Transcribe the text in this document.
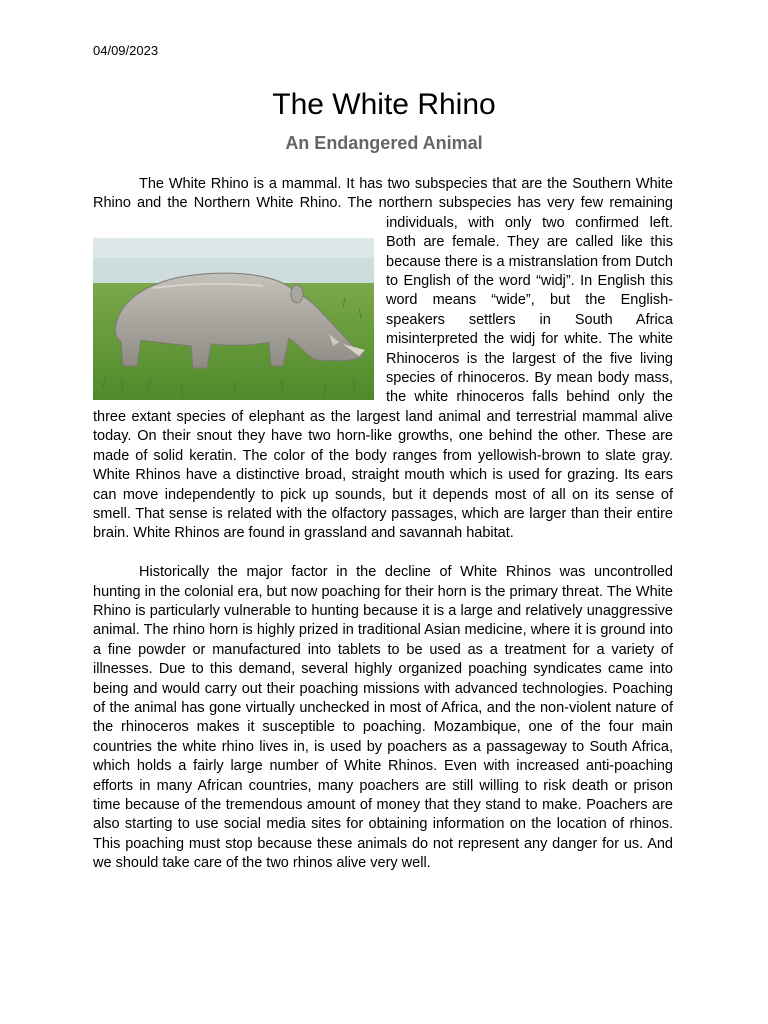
04/09/2023
The White Rhino
An Endangered Animal

The White Rhino is a mammal. It has two subspecies that are the Southern White Rhino and the Northern White Rhino. The northern subspecies has very few
remaining individuals, with only two confirmed left. Both are female. They are called like this because there is a mistranslation from Dutch to English of the word “widj”. In English this word means “wide”, but the English-speakers settlers in South Africa misinterpreted the widj for white. The white Rhinoceros is the largest of the five living species of rhinoceros. By mean body mass, the white rhinoceros falls behind only the three extant species of elephant as the largest land animal and terrestrial mammal alive today. On their snout they have two horn-like growths, one behind the other. These are made of solid keratin. The color of the body ranges from yellowish-brown to slate gray. White Rhinos have a distinctive broad, straight mouth which is used for grazing. Its ears can move independently to pick up sounds, but it depends most of all on its sense of smell. That sense is related with the olfactory passages, which are larger than their entire brain. White Rhinos are found in grassland and savannah habitat.

Historically the major factor in the decline of White Rhinos was uncontrolled hunting in the colonial era, but now poaching for their horn is the primary threat. The White Rhino is particularly vulnerable to hunting because it is a large and relatively unaggressive animal. The rhino horn is highly prized in traditional Asian medicine, where it is ground into a fine powder or manufactured into tablets to be used as a treatment for a variety of illnesses. Due to this demand, several highly organized poaching syndicates came into being and would carry out their poaching missions with advanced technologies. Poaching of the animal has gone virtually unchecked in most of Africa, and the non-violent nature of the rhinoceros makes it susceptible to poaching. Mozambique, one of the four main countries the white rhino lives in, is used by poachers as a passageway to South Africa, which holds a fairly large number of White Rhinos. Even with increased anti-poaching efforts in many African countries, many poachers are still willing to risk death or prison time because of the tremendous amount of money that they stand to make. Poachers are also starting to use social media sites for obtaining information on the location of rhinos. This poaching must stop because these animals do not represent any danger for us. And we should take care of the two rhinos alive very well.
